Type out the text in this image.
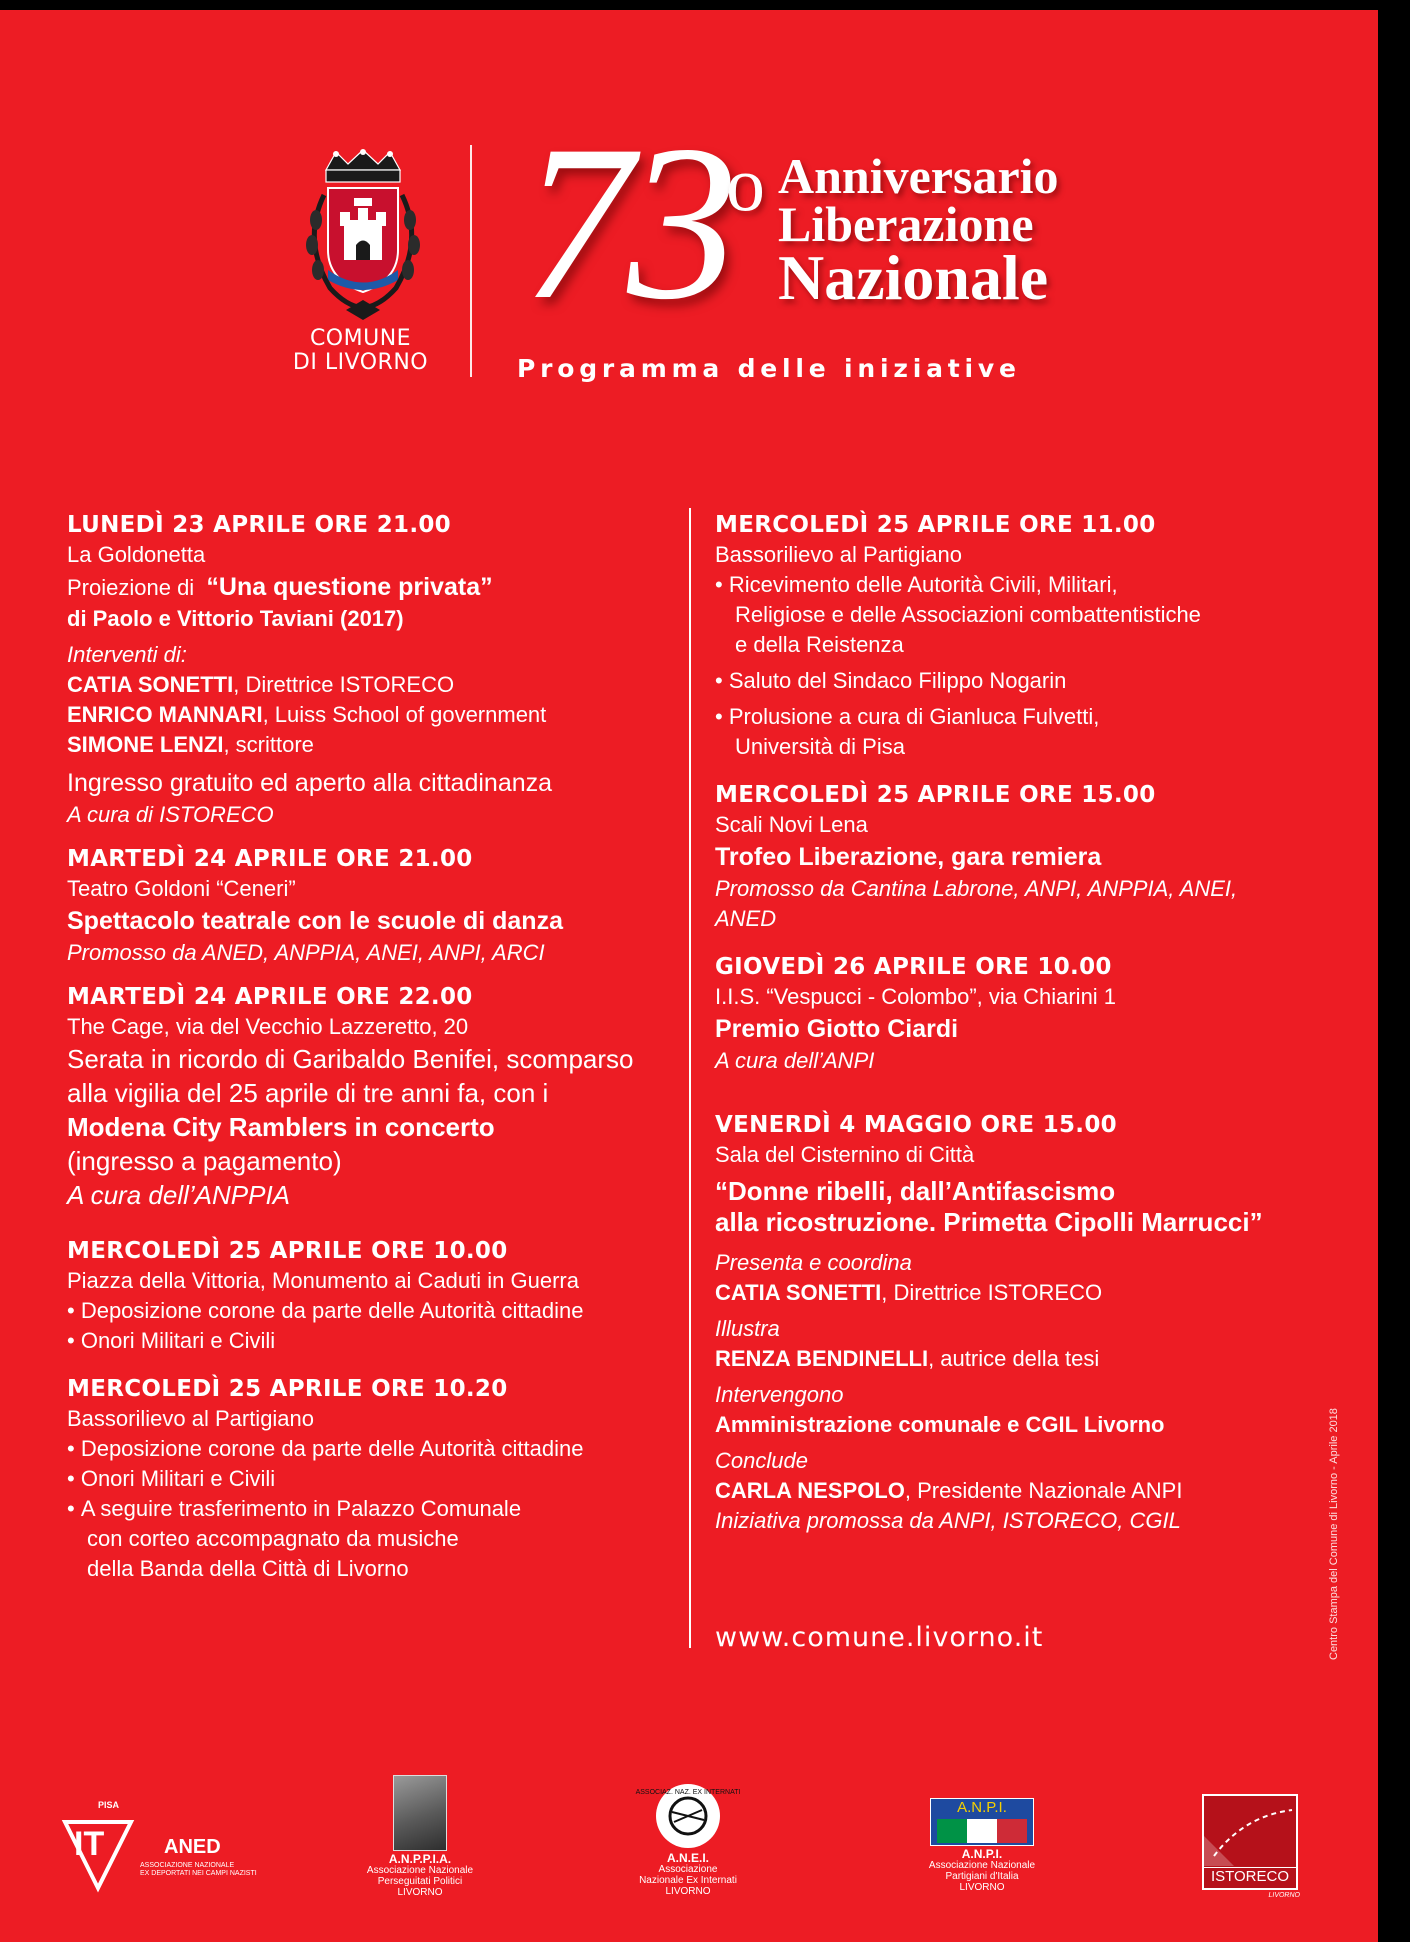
COMUNE
DI LIVORNO
73
o Anniversario
Liberazione
Nazionale
Programma delle iniziative
LUNEDÌ 23 APRILE ORE 21.00
La Goldonetta
Proiezione di “Una questione privata”
di Paolo e Vittorio Taviani (2017)
Interventi di:
CATIA SONETTI, Direttrice ISTORECO
ENRICO MANNARI, Luiss School of government
SIMONE LENZI, scrittore
Ingresso gratuito ed aperto alla cittadinanza
A cura di ISTORECO
MARTEDÌ 24 APRILE ORE 21.00
Teatro Goldoni “Ceneri”
Spettacolo teatrale con le scuole di danza
Promosso da ANED, ANPPIA, ANEI, ANPI, ARCI
MARTEDÌ 24 APRILE ORE 22.00
The Cage, via del Vecchio Lazzeretto, 20
Serata in ricordo di Garibaldo Benifei, scomparso
alla vigilia del 25 aprile di tre anni fa, con i
Modena City Ramblers in concerto
(ingresso a pagamento)
A cura dell’ANPPIA
MERCOLEDÌ 25 APRILE ORE 10.00
Piazza della Vittoria, Monumento ai Caduti in Guerra
• Deposizione corone da parte delle Autorità cittadine
• Onori Militari e Civili
MERCOLEDÌ 25 APRILE ORE 10.20
Bassorilievo al Partigiano
• Deposizione corone da parte delle Autorità cittadine
• Onori Militari e Civili
• A seguire trasferimento in Palazzo Comunale
con corteo accompagnato da musiche
della Banda della Città di Livorno
MERCOLEDÌ 25 APRILE ORE 11.00
Bassorilievo al Partigiano
• Ricevimento delle Autorità Civili, Militari,
Religiose e delle Associazioni combattentistiche
e della Reistenza
• Saluto del Sindaco Filippo Nogarin
• Prolusione a cura di Gianluca Fulvetti,
Università di Pisa
MERCOLEDÌ 25 APRILE ORE 15.00
Scali Novi Lena
Trofeo Liberazione, gara remiera
Promosso da Cantina Labrone, ANPI, ANPPIA, ANEI,
ANED
GIOVEDÌ 26 APRILE ORE 10.00
I.I.S. “Vespucci - Colombo”, via Chiarini 1
Premio Giotto Ciardi
A cura dell’ANPI
VENERDÌ 4 MAGGIO ORE 15.00
Sala del Cisternino di Città
“Donne ribelli, dall’Antifascismo
alla ricostruzione. Primetta Cipolli Marrucci”
Presenta e coordina
CATIA SONETTI, Direttrice ISTORECO
Illustra
RENZA BENDINELLI, autrice della tesi
Intervengono
Amministrazione comunale e CGIL Livorno
Conclude
CARLA NESPOLO, Presidente Nazionale ANPI
Iniziativa promossa da ANPI, ISTORECO, CGIL
www.comune.livorno.it	Centro Stampa del Comune di Livorno - Aprile 2018
PISA
IT	ANED
ASSOCIAZIONE NAZIONALE
EX DEPORTATI NEI CAMPI NAZISTI
A.N.P.P.I.A.
Associazione Nazionale
Perseguitati Politici
LIVORNO
ASSOCIAZ. NAZ. EX INTERNATI
A.N.E.I.
Associazione
Nazionale Ex Internati
LIVORNO
A.N.P.I.
A.N.P.I.
Associazione Nazionale
Partigiani d'Italia
LIVORNO
ISTORECO
LIVORNO
